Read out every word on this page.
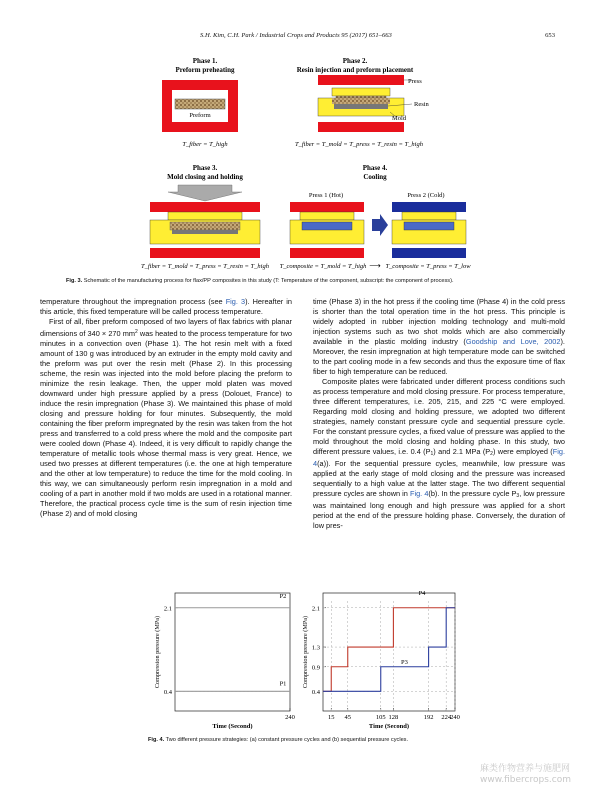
S.H. Kim, C.H. Park / Industrial Crops and Products 95 (2017) 651–663	653
Phase 1.
Preform preheating
Preform
T_fiber = T_high
Phase 2.
Resin injection and preform placement
Press
Resin
Mold
T_fiber = T_mold = T_press = T_resin = T_high
Phase 3.
Mold closing and holding
T_fiber = T_mold = T_press = T_resin = T_high
Phase 4.
Cooling
Press 1 (Hot)	Press 2 (Cold)
T_composite = T_mold = T_high ⟶ T_composite = T_press = T_low
Fig. 3. Schematic of the manufacturing process for flax/PP composites in this study (T: Temperature of the component, subscript: the component of process).

temperature throughout the impregnation process (see Fig. 3). Hereafter in this article, this fixed temperature will be called process temperature.

First of all, fiber preform composed of two layers of flax fabrics with planar dimensions of 340 × 270 $mm^2$ was heated to the process temperature for two minutes in a convection oven (Phase 1). The hot resin melt with a fixed amount of 130 g was introduced by an extruder in the empty mold cavity and the preform was put over the resin melt (Phase 2). In this processing scheme, the resin was injected into the mold before placing the preform to minimize the resin leakage. Then, the upper mold platen was moved downward under high pressure applied by a press (Dolouet, France) to induce the resin impregnation (Phase 3). We maintained this phase of mold closing and pressure holding for four minutes. Subsequently, the mold containing the fiber preform impregnated by the resin was taken from the hot press and transferred to a cold press where the mold and the composite part were cooled down (Phase 4). Indeed, it is very difficult to rapidly change the temperature of metallic tools whose thermal mass is very great. Hence, we used two presses at different temperatures (i.e. the one at high temperature and the other at low temperature) to reduce the time for the mold cooling. In this way, we can simultaneously perform resin impregnation in a mold and cooling of a part in another mold if two molds are used in a rotational manner. Therefore, the practical process cycle time is the sum of resin injection time (Phase 2) and of mold closing

time (Phase 3) in the hot press if the cooling time (Phase 4) in the cold press is shorter than the total operation time in the hot press. This principle is widely adopted in rubber injection molding technology and multi-mold injection systems such as two shot molds which are also commercially available in the plastic molding industry (Goodship and Love, 2002). Moreover, the resin impregnation at high temperature mode can be switched to the part cooling mode in a few seconds and thus the exposure time of flax fiber to high temperature can be reduced.

Composite plates were fabricated under different process conditions such as process temperature and mold closing pressure. For process temperature, three different temperatures, i.e. 205, 215, and 225 °C were employed. Regarding mold closing and holding pressure, we adopted two different strategies, namely constant pressure cycle and sequential pressure cycle. For the constant pressure cycles, a fixed value of pressure was applied to the mold throughout the mold closing and holding phase. In this study, two different pressure values, i.e. 0.4 $(P_1)$ and 2.1 MPa $(P_2)$ were employed (Fig. 4(a)). For the sequential pressure cycles, meanwhile, low pressure was applied at the early stage of mold closing and the pressure was increased sequentially to a high value at the latter stage. The two different sequential pressure cycles are shown in Fig. 4(b). In the pressure cycle $P_3$, low pressure was maintained long enough and high pressure was applied for a short period at the end of the pressure holding phase. Conversely, the duration of low pres-

0.4
2.1
240
Time (Second)
Compression pressure (MPa)
P2
P1
0.4
0.9
1.3
2.1
15 45	105 128	192 224 240
Time (Second)
Compression pressure (MPa)
P4
P3
Fig. 4. Two different pressure strategies: (a) constant pressure cycles and (b) sequential pressure cycles.
麻类作物营养与施肥网
www.fibercrops.com
